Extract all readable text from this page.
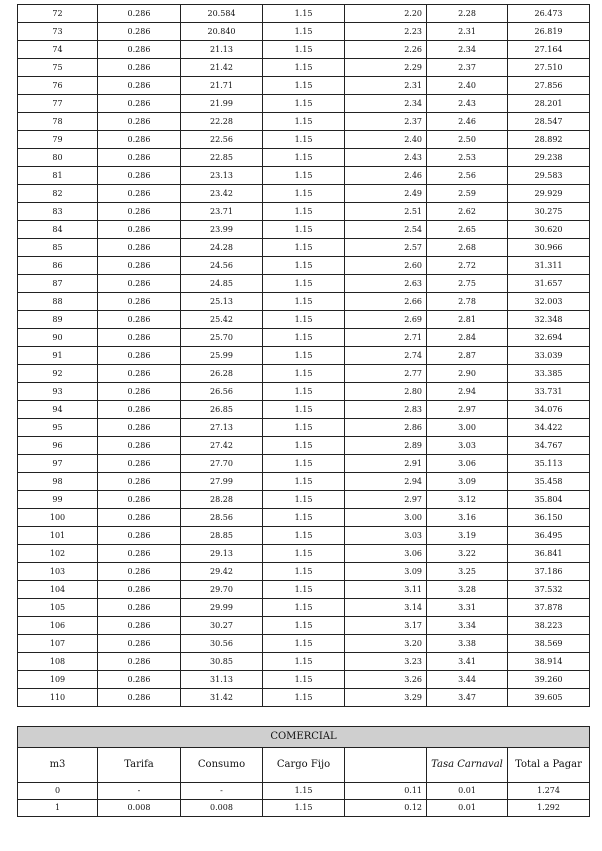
72	0.286	20.584	1.15	2.20	2.28	26.473
73	0.286	20.840	1.15	2.23	2.31	26.819
74	0.286	21.13	1.15	2.26	2.34	27.164
75	0.286	21.42	1.15	2.29	2.37	27.510
76	0.286	21.71	1.15	2.31	2.40	27.856
77	0.286	21.99	1.15	2.34	2.43	28.201
78	0.286	22.28	1.15	2.37	2.46	28.547
79	0.286	22.56	1.15	2.40	2.50	28.892
80	0.286	22.85	1.15	2.43	2.53	29.238
81	0.286	23.13	1.15	2.46	2.56	29.583
82	0.286	23.42	1.15	2.49	2.59	29.929
83	0.286	23.71	1.15	2.51	2.62	30.275
84	0.286	23.99	1.15	2.54	2.65	30.620
85	0.286	24.28	1.15	2.57	2.68	30.966
86	0.286	24.56	1.15	2.60	2.72	31.311
87	0.286	24.85	1.15	2.63	2.75	31.657
88	0.286	25.13	1.15	2.66	2.78	32.003
89	0.286	25.42	1.15	2.69	2.81	32.348
90	0.286	25.70	1.15	2.71	2.84	32.694
91	0.286	25.99	1.15	2.74	2.87	33.039
92	0.286	26.28	1.15	2.77	2.90	33.385
93	0.286	26.56	1.15	2.80	2.94	33.731
94	0.286	26.85	1.15	2.83	2.97	34.076
95	0.286	27.13	1.15	2.86	3.00	34.422
96	0.286	27.42	1.15	2.89	3.03	34.767
97	0.286	27.70	1.15	2.91	3.06	35.113
98	0.286	27.99	1.15	2.94	3.09	35.458
99	0.286	28.28	1.15	2.97	3.12	35.804
100	0.286	28.56	1.15	3.00	3.16	36.150
101	0.286	28.85	1.15	3.03	3.19	36.495
102	0.286	29.13	1.15	3.06	3.22	36.841
103	0.286	29.42	1.15	3.09	3.25	37.186
104	0.286	29.70	1.15	3.11	3.28	37.532
105	0.286	29.99	1.15	3.14	3.31	37.878
106	0.286	30.27	1.15	3.17	3.34	38.223
107	0.286	30.56	1.15	3.20	3.38	38.569
108	0.286	30.85	1.15	3.23	3.41	38.914
109	0.286	31.13	1.15	3.26	3.44	39.260
110	0.286	31.42	1.15	3.29	3.47	39.605
COMERCIAL						
m3	Tarifa	Consumo	Cargo Fijo		Tasa Carnaval	Total a Pagar
0	-	-	1.15	0.11	0.01	1.274
1	0.008	0.008	1.15	0.12	0.01	1.292
